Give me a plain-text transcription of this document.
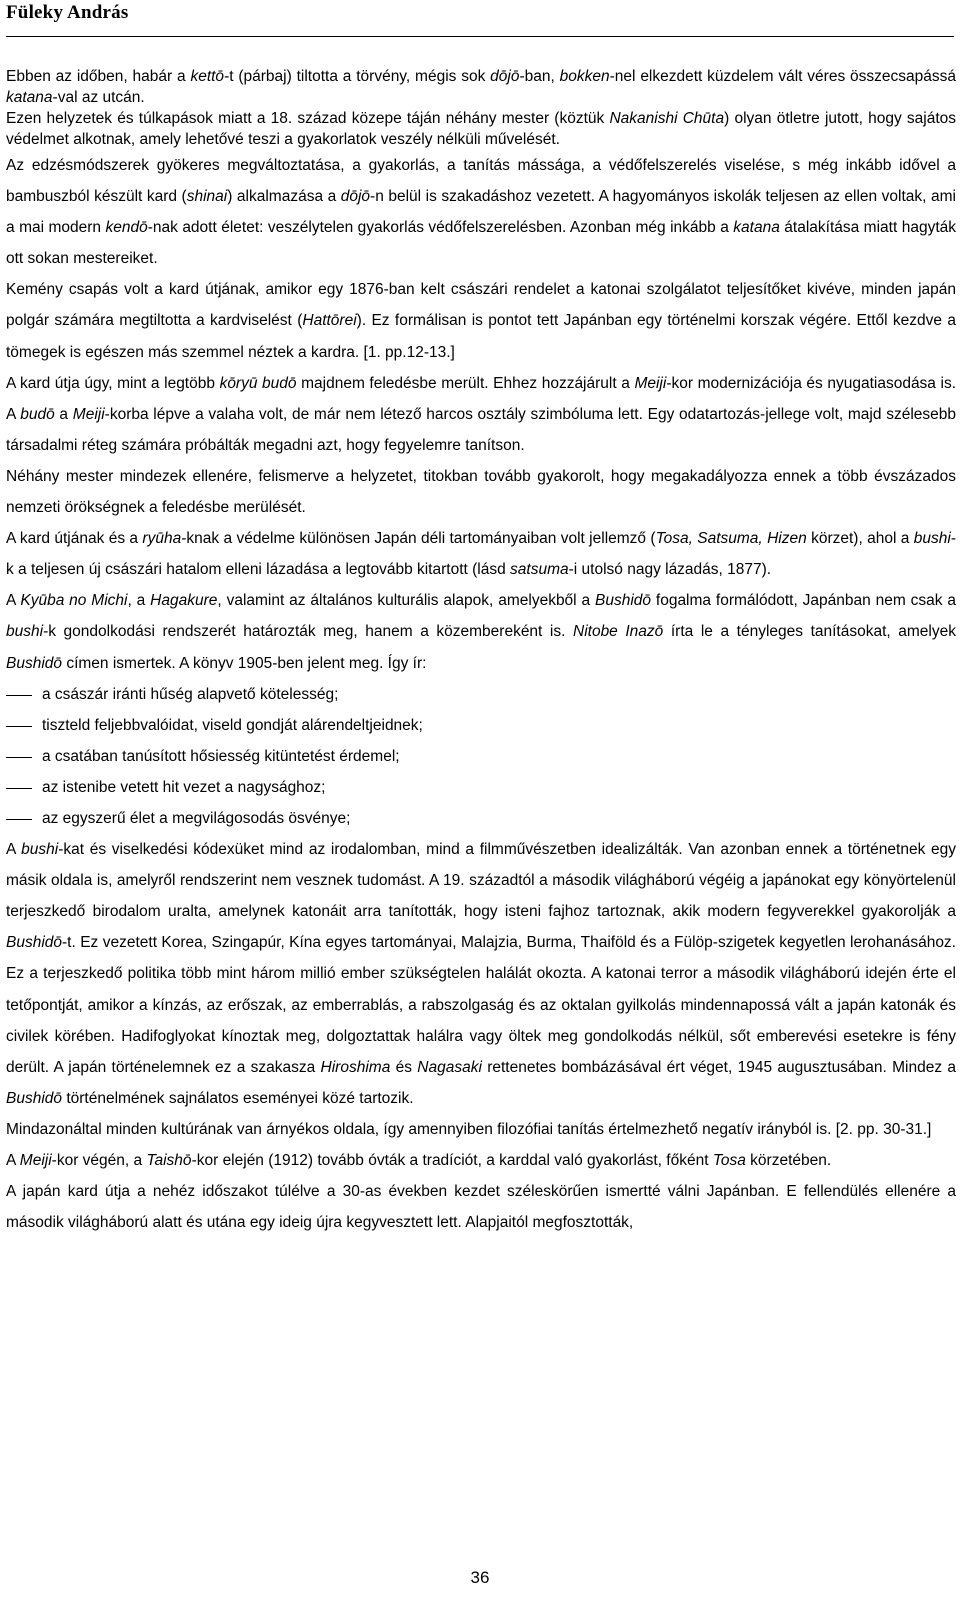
Füleky András

Ebben az időben, habár a kettō-t (párbaj) tiltotta a törvény, mégis sok dōjō-ban, bokken-nel elkezdett küzdelem vált véres összecsapássá katana-val az utcán.

Ezen helyzetek és túlkapások miatt a 18. század közepe táján néhány mester (köztük Nakanishi Chūta) olyan ötletre jutott, hogy sajátos védelmet alkotnak, amely lehetővé teszi a gyakorlatok veszély nélküli művelését.

Az edzésmódszerek gyökeres megváltoztatása, a gyakorlás, a tanítás mássága, a védőfelszerelés viselése, s még inkább idővel a bambuszból készült kard (shinai) alkalmazása a dōjō-n belül is szakadáshoz vezetett. A hagyományos iskolák teljesen az ellen voltak, ami a mai modern kendō-nak adott életet: veszélytelen gyakorlás védőfelszerelésben. Azonban még inkább a katana átalakítása miatt hagyták ott sokan mestereiket.

Kemény csapás volt a kard útjának, amikor egy 1876-ban kelt császári rendelet a katonai szolgálatot teljesítőket kivéve, minden japán polgár számára megtiltotta a kardviselést (Hattōrei). Ez formálisan is pontot tett Japánban egy történelmi korszak végére. Ettől kezdve a tömegek is egészen más szemmel néztek a kardra. [1. pp.12-13.]

A kard útja úgy, mint a legtöbb kōryū budō majdnem feledésbe merült. Ehhez hozzájárult a Meiji-kor modernizációja és nyugatiasodása is. A budō a Meiji-korba lépve a valaha volt, de már nem létező harcos osztály szimbóluma lett. Egy odatartozás-jellege volt, majd szélesebb társadalmi réteg számára próbálták megadni azt, hogy fegyelemre tanítson.

Néhány mester mindezek ellenére, felismerve a helyzetet, titokban tovább gyakorolt, hogy megakadályozza ennek a több évszázados nemzeti örökségnek a feledésbe merülését.

A kard útjának és a ryūha-knak a védelme különösen Japán déli tartományaiban volt jellemző (Tosa, Satsuma, Hizen körzet), ahol a bushi-k a teljesen új császári hatalom elleni lázadása a legtovább kitartott (lásd satsuma-i utolsó nagy lázadás, 1877).

A Kyūba no Michi, a Hagakure, valamint az általános kulturális alapok, amelyekből a Bushidō fogalma formálódott, Japánban nem csak a bushi-k gondolkodási rendszerét határozták meg, hanem a közembereként is. Nitobe Inazō írta le a tényleges tanításokat, amelyek Bushidō címen ismertek. A könyv 1905-ben jelent meg. Így ír:

a császár iránti hűség alapvető kötelesség;
tiszteld feljebbvalóidat, viseld gondját alárendeltjeidnek;
a csatában tanúsított hősiesség kitüntetést érdemel;
az istenibe vetett hit vezet a nagysághoz;
az egyszerű élet a megvilágosodás ösvénye;

A bushi-kat és viselkedési kódexüket mind az irodalomban, mind a filmművészetben idealizálták. Van azonban ennek a történetnek egy másik oldala is, amelyről rendszerint nem vesznek tudomást. A 19. századtól a második világháború végéig a japánokat egy könyörtelenül terjeszkedő birodalom uralta, amelynek katonáit arra tanították, hogy isteni fajhoz tartoznak, akik modern fegyverekkel gyakorolják a Bushidō-t. Ez vezetett Korea, Szingapúr, Kína egyes tartományai, Malajzia, Burma, Thaiföld és a Fülöp-szigetek kegyetlen lerohanásához. Ez a terjeszkedő politika több mint három millió ember szükségtelen halálát okozta. A katonai terror a második világháború idején érte el tetőpontját, amikor a kínzás, az erőszak, az emberrablás, a rabszolgaság és az oktalan gyilkolás mindennapossá vált a japán katonák és civilek körében. Hadifoglyokat kínoztak meg, dolgoztattak halálra vagy öltek meg gondolkodás nélkül, sőt emberevési esetekre is fény derült. A japán történelemnek ez a szakasza Hiroshima és Nagasaki rettenetes bombázásával ért véget, 1945 augusztusában. Mindez a Bushidō történelmének sajnálatos eseményei közé tartozik.

Mindazonáltal minden kultúrának van árnyékos oldala, így amennyiben filozófiai tanítás értelmezhető negatív irányból is. [2. pp. 30-31.]

A Meiji-kor végén, a Taishō-kor elején (1912) tovább óvták a tradíciót, a karddal való gyakorlást, főként Tosa körzetében.

A japán kard útja a nehéz időszakot túlélve a 30-as években kezdet széleskörűen ismertté válni Japánban. E fellendülés ellenére a második világháború alatt és utána egy ideig újra kegyvesztett lett. Alapjaitól megfosztották,

36
